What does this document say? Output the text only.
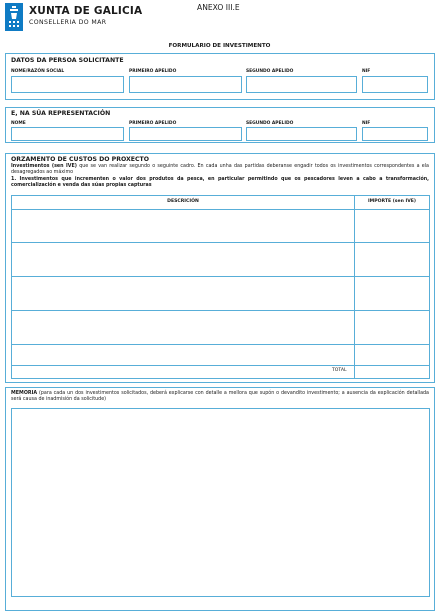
XUNTA DE GALICIA
CONSELLERIA DO MAR
ANEXO III.E
FORMULARIO DE INVESTIMENTO
DATOS DA PERSOA SOLICITANTE
NOME/RAZÓN SOCIAL	PRIMEIRO APELIDO	SEGUNDO APELIDO	NIF
E, NA SÚA REPRESENTACIÓN
NOME	PRIMEIRO APELIDO	SEGUNDO APELIDO	NIF
ORZAMENTO DE CUSTOS DO PROXECTO
Investimentos (sen IVE) que se van realizar segundo o seguinte cadro. En cada unha das partidas deberanse engadir todos os investimentos correspondentes a ela desagregados ao máximo
1. Investimentos que incrementen o valor dos produtos da pesca, en particular permitindo que os pescadores leven a cabo a transformación, comercialización e venda das súas propias capturas
DESCRICIÓN	IMPORTE (sen IVE)
TOTAL
MEMORIA (para cada un dos investimentos solicitados, deberá explicarse con detalle a mellora que supón o devandito investimento; a ausencia da explicación detallada será causa de inadmisión da solicitude)
